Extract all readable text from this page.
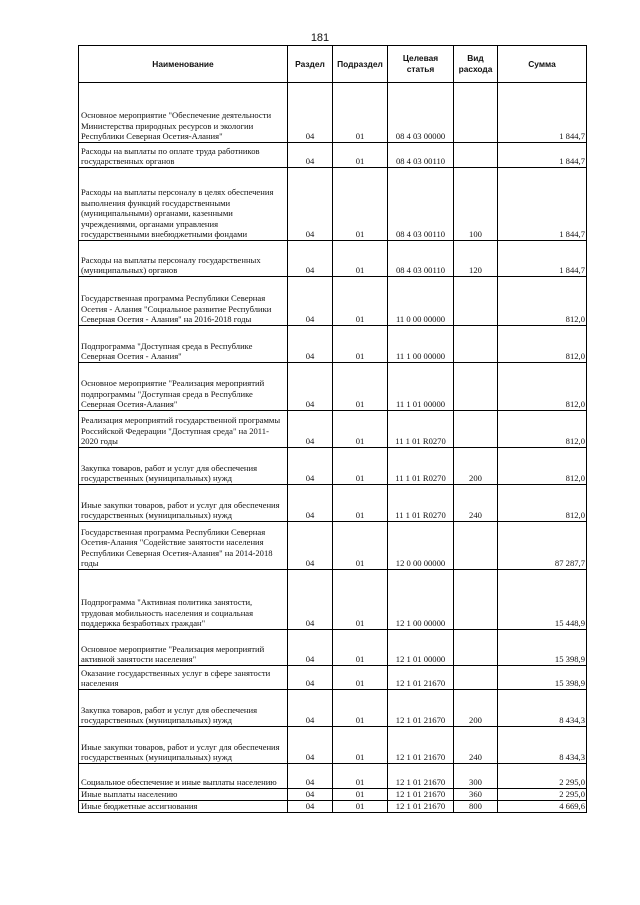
181
Наименование	Раздел	Подраздел	Целевая статья	Вид расхода	Сумма
Основное мероприятие "Обеспечение деятельности Министерства природных ресурсов и экологии Республики Северная Осетия-Алания"	04	01	08 4 03 00000		1 844,7
Расходы на выплаты по оплате труда работников государственных органов	04	01	08 4 03 00110		1 844,7
Расходы на выплаты персоналу в целях обеспечения выполнения функций государственными (муниципальными) органами, казенными учреждениями, органами управления государственными внебюджетными фондами	04	01	08 4 03 00110	100	1 844,7
Расходы на выплаты персоналу государственных (муниципальных) органов	04	01	08 4 03 00110	120	1 844,7
Государственная программа Республики Северная Осетия - Алания "Социальное развитие Республики Северная Осетия - Алания" на 2016-2018 годы	04	01	11 0 00 00000		812,0
Подпрограмма "Доступная среда в Республике Северная Осетия - Алания"	04	01	11 1 00 00000		812,0
Основное мероприятие "Реализация мероприятий подпрограммы "Доступная среда в Республике Северная Осетия-Алания"	04	01	11 1 01 00000		812,0
Реализация мероприятий государственной программы Российской Федерации "Доступная среда" на 2011-2020 годы	04	01	11 1 01 R0270		812,0
Закупка товаров, работ и услуг для обеспечения государственных (муниципальных) нужд	04	01	11 1 01 R0270	200	812,0
Иные закупки товаров, работ и услуг для обеспечения государственных (муниципальных) нужд	04	01	11 1 01 R0270	240	812,0
Государственная программа Республики Северная Осетия-Алания "Содействие занятости населения Республики Северная Осетия-Алания" на 2014-2018 годы	04	01	12 0 00 00000		87 287,7
Подпрограмма "Активная политика занятости, трудовая мобильность населения и социальная поддержка безработных граждан"	04	01	12 1 00 00000		15 448,9
Основное мероприятие "Реализация мероприятий активной занятости населения"	04	01	12 1 01 00000		15 398,9
Оказание государственных услуг в сфере занятости населения	04	01	12 1 01 21670		15 398,9
Закупка товаров, работ и услуг для обеспечения государственных (муниципальных) нужд	04	01	12 1 01 21670	200	8 434,3
Иные закупки товаров, работ и услуг для обеспечения государственных (муниципальных) нужд	04	01	12 1 01 21670	240	8 434,3
Социальное обеспечение и иные выплаты населению	04	01	12 1 01 21670	300	2 295,0
Иные выплаты населению	04	01	12 1 01 21670	360	2 295,0
Иные бюджетные ассигнования	04	01	12 1 01 21670	800	4 669,6
